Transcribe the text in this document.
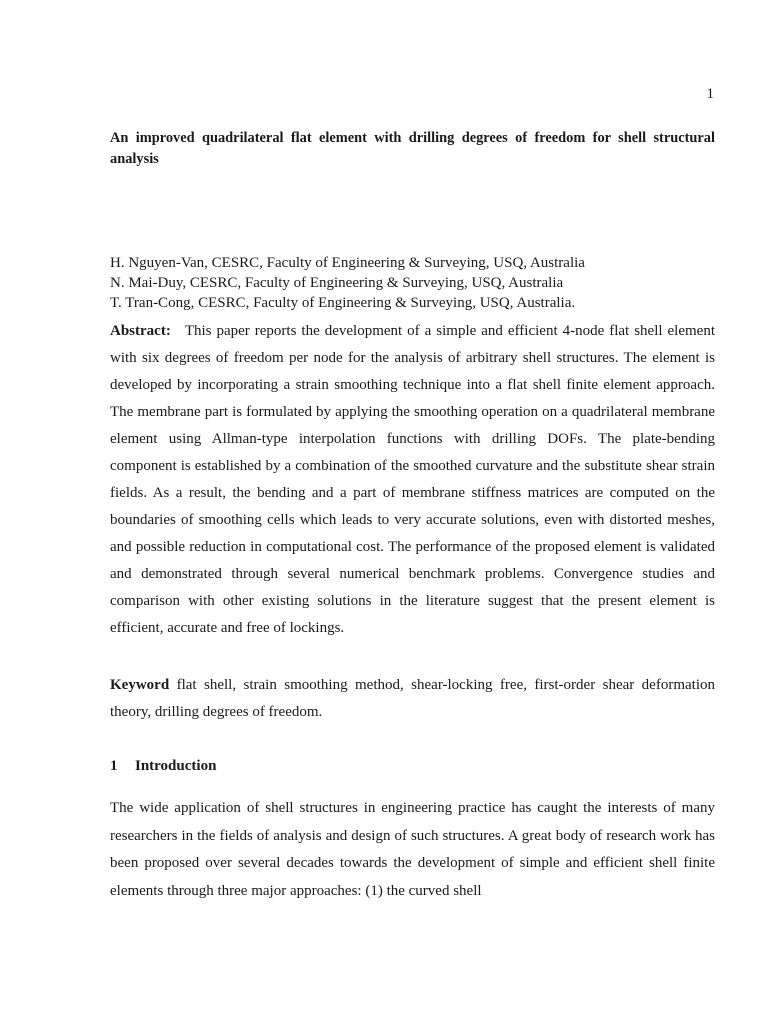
1
An improved quadrilateral flat element with drilling degrees of freedom for shell structural analysis
H. Nguyen-Van, CESRC, Faculty of Engineering & Surveying, USQ, Australia
N. Mai-Duy, CESRC, Faculty of Engineering & Surveying, USQ, Australia
T. Tran-Cong, CESRC, Faculty of Engineering & Surveying, USQ, Australia.

Abstract: This paper reports the development of a simple and efficient 4-node flat shell element with six degrees of freedom per node for the analysis of arbitrary shell structures. The element is developed by incorporating a strain smoothing technique into a flat shell finite element approach. The membrane part is formulated by applying the smoothing operation on a quadrilateral membrane element using Allman-type interpolation functions with drilling DOFs. The plate-bending component is established by a combination of the smoothed curvature and the substitute shear strain fields. As a result, the bending and a part of membrane stiffness matrices are computed on the boundaries of smoothing cells which leads to very accurate solutions, even with distorted meshes, and possible reduction in computational cost. The performance of the proposed element is validated and demonstrated through several numerical benchmark problems. Convergence studies and comparison with other existing solutions in the literature suggest that the present element is efficient, accurate and free of lockings.

Keyword flat shell, strain smoothing method, shear-locking free, first-order shear deformation theory, drilling degrees of freedom.

1 Introduction

The wide application of shell structures in engineering practice has caught the interests of many researchers in the fields of analysis and design of such structures. A great body of research work has been proposed over several decades towards the development of simple and efficient shell finite elements through three major approaches: (1) the curved shell
